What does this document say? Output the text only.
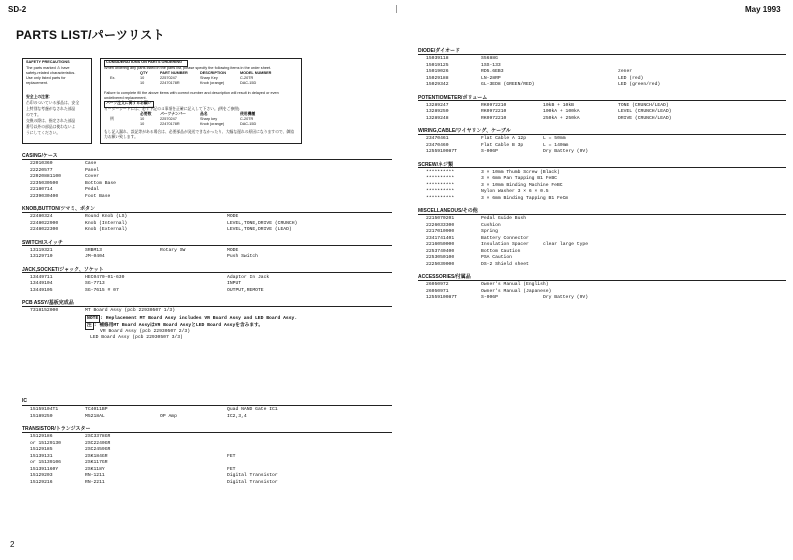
SD-2	May 1993
PARTS LIST/パーツリスト
SAFETY PRECAUTIONS
The parts marked ⚠ have
safety-related characteristics.
Use only listed parts for
replacement.
安全上の注意：
⚠印のついている部品は、安全
上特別な考慮がなされた部品
のです。
交換の際は、指定された部品
番号以外の部品は使わないよ
うにしてください。
CONSIDERATIONS ON PARTS ORDERING
When ordering any parts listed in the parts list, please specify the following items in the order sheet.
QTY	PART NUMBER	DESCRIPTION	MODEL NUMBER
Ex.	10	22570247	Sharp Key	C-20TR
10	22470178R	Knob (orange)	DAC-15D
Failure to complete fill the above items with correct number and description will result in delayed or even undelivered replacement.
パーツ注文に関するお願い
オーダーシートには、必ず下記の４事項を正確に記入して下さい。(例をご参照)
必要数 パーツナンバー	品名	使用機種
例	10	22570247	Sharp key	C-20TR
10	22470178R	Knob (orange)	DAC-15D
もし記入漏れ、誤記等がある場合は、必要部品が発送できなかったり、大幅な遅れの原因になりますので、御協力お願い致します。
CASING/ケース
22010360	Case
22220577	Panel
22020881100	Cover
2235030500	Bottom Base
22180714	Pedal
2239030400	Foot Base
KNOB,BUTTON/ツマミ、ボタン
22480324	Round Knob (LS)	MODE
2248022900	Knob (Internal)	LEVEL,TONE,DRIVE (CRUNCH)
2248022300	Knob (External)	LEVEL,TONE,DRIVE (LEAD)
SWITCH/スイッチ
13119321	SRBM13	Rotary SW	MODE
13129710	JM-0404	Push Switch
JACK,SOCKET/ジャック、ソケット
13449711	HEC0470-01-630	Adaptor In Jack
13449104	SG-7713	INPUT
13449105	SG-7615 # 07	OUTPUT,REMOTE
PCB ASSY/基板完成品
7318152000	MT Board Assy (pcb 22930507 1/3)
NOTE : Replacement MT Board Assy includes VR Board Assy and LED Board Assy.
注 : 補修用MT Board AssyはVR Board AssyとLED Board Assyを含みます。
VR Board Assy (pcb 22930507 2/3)
LED Board Assy (pcb 22930507 3/3)
IC
15159104T1	TC4011BP	Quad NAND Gate IC1
15189250	M5218AL	OP Amp	IC2,3,4
TRANSISTOR/トランジスター
15129186	2SC3378GR
or 15129130	2SC2240GR
15129185	2SC2459GR
15139131	2SK184GR	FET
or 15139106	2SK117GR
151391160Y	2SK118Y	FET
15129203	RN-1211	Digital Transistor
15129216	RN-2211	Digital Transistor
DIODE/ダイオード
15039118	S5688G
15019125	1SS-133
15019026	RD5.6EB3	zener
15029188	LN-28RP	LED (red)
15029342	GL-3ED8 (GREEN/RED)	LED (green/red)
POTENTIOMETER/ボリューム
13289247	RK0972210	10kB + 10kB	TONE (CRUNCH/LEAD)
13289250	RK0972210	100kA + 100kA	LEVEL (CRUNCH/LEAD)
13289248	RK0972210	250kA + 250kA	DRIVE (CRUNCH/LEAD)
WIRING,CABLE/ワイヤリング、ケーブル
23470461	Flat Cable A 12p	L = 50mm
23470460	Flat Cable B 3p	L = 140mm
1255910087T	S-006P	Dry Battery (9V)
SCREW/ネジ類
**********	3 × 10mm Thumb Screw (Black)
**********	3 × 6mm Pan Tapping B1 FeBC
**********	3 × 10mm Binding Machine FeBC
**********	Nylon Washer 3 × 6 × 0.5
**********	3 × 6mm Binding Tapping B1 FeCm
MISCELLANEOUS/その他
2215070201	Pedal Guide Bush
2226033300	Cushion
2217010900	Spring
2341741401	Battery Connector
2216050000	Insulation Spacer	clear large type
2253740400	Bottom Caution
2253050100	PSA Caution
2225039000	DS-2 Shield sheet
ACCESSORIES/付属品
26050972	Owner's Manual (English)
26050971	Owner's Manual (Japanese)
1255910087T	S-006P	Dry Battery (9V)
2
